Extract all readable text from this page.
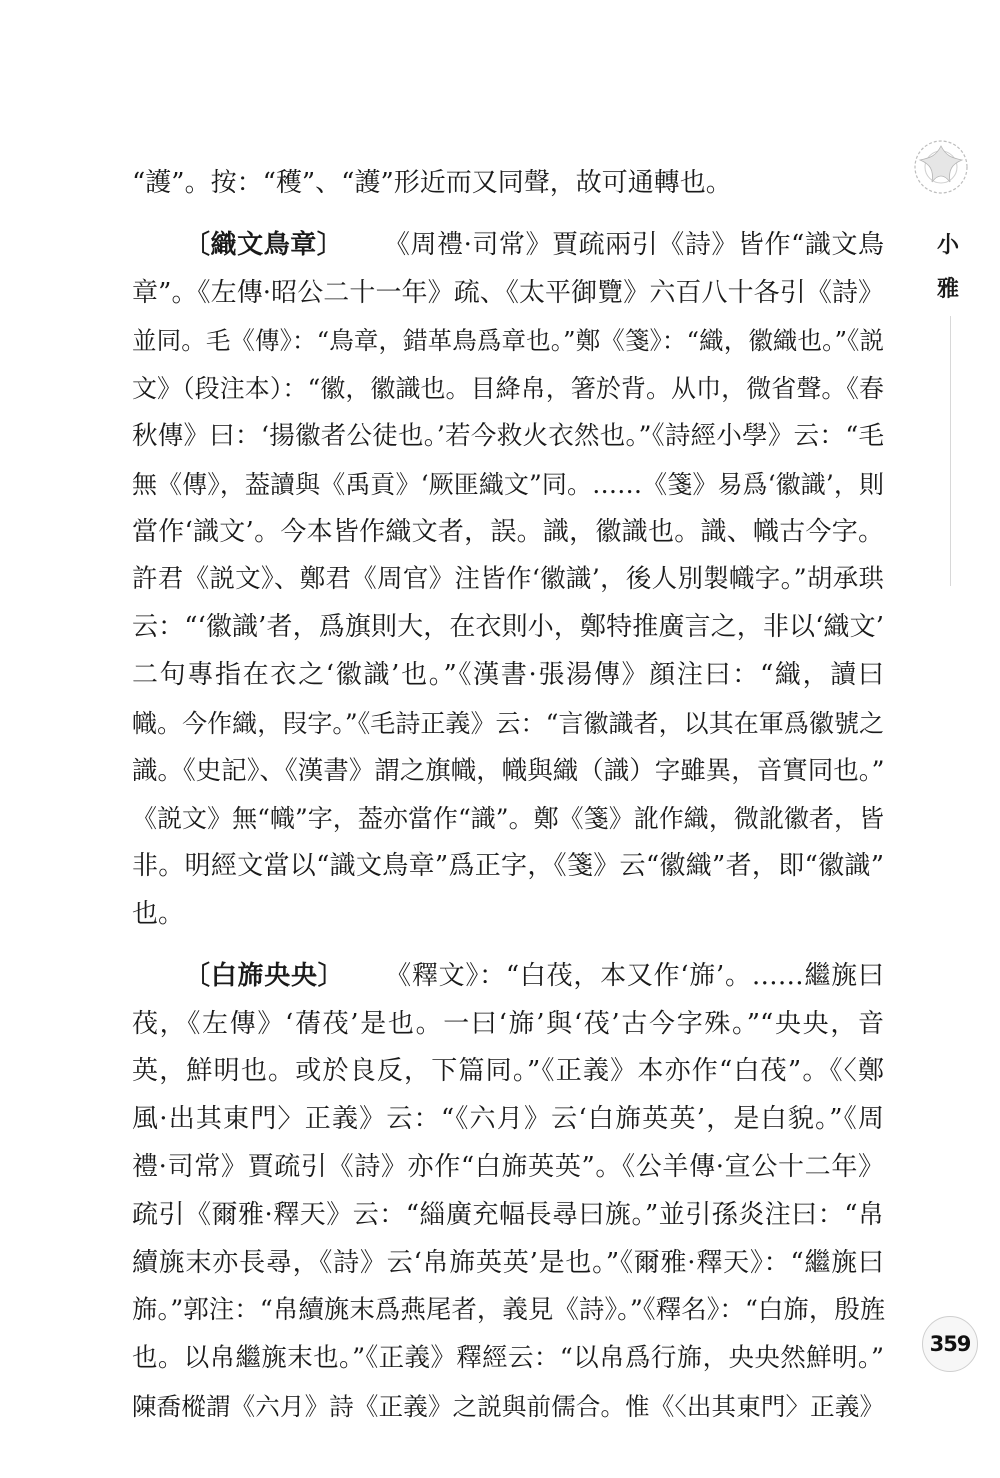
小雅
“護”。按：“穫”、“護”形近而又同聲，故可通轉也。
〔織文鳥章〕 《周禮·司常》賈疏兩引《詩》皆作“識文鳥
章”。《左傳·昭公二十一年》疏、《太平御覽》六百八十各引《詩》
並同。毛《傳》：“鳥章，錯革鳥爲章也。”鄭《箋》：“織，徽織也。”《説
文》（段注本）：“徽，徽識也。目絳帛，箸於背。从巾，微省聲。《春
秋傳》曰：‘揚徽者公徒也。’若今救火衣然也。”《詩經小學》云：“毛
無《傳》，葢讀與《禹貢》‘厥匪織文”同。……《箋》易爲‘徽識’，則
當作‘識文’。今本皆作織文者，誤。識，徽識也。識、幟古今字。
許君《説文》、鄭君《周官》注皆作‘徽識’，後人別製幟字。”胡承珙
云：“‘徽識’者，爲旗則大，在衣則小，鄭特推廣言之，非以‘織文’
二句專指在衣之‘徽識’也。”《漢書·張湯傳》顔注曰：“織，讀曰
幟。今作織，叚字。”《毛詩正義》云：“言徽識者，以其在軍爲徽號之
識。《史記》、《漢書》謂之旗幟，幟與織（識）字雖異，音實同也。”
《説文》無“幟”字，葢亦當作“識”。鄭《箋》訛作織，微訛徽者，皆
非。明經文當以“識文鳥章”爲正字，《箋》云“徽織”者，即“徽識”
也。
〔白旆央央〕 《釋文》：“白茷，本又作‘旆’。……繼旐曰
茷，《左傳》‘蒨茷’是也。一曰‘旆’與‘茷’古今字殊。”“央央，音
英，鮮明也。或於良反，下篇同。”《正義》本亦作“白茷”。《〈鄭
風·出其東門〉正義》云：“《六月》云‘白旆英英’，是白貌。”《周
禮·司常》賈疏引《詩》亦作“白旆英英”。《公羊傳·宣公十二年》
疏引《爾雅·釋天》云：“緇廣充幅長尋曰旐。”並引孫炎注曰：“帛
續旐末亦長尋，《詩》云‘帛旆英英’是也。”《爾雅·釋天》：“繼旐曰
旆。”郭注：“帛續旐末爲燕尾者，義見《詩》。”《釋名》：“白旆，殷旌
也。以帛繼旐末也。”《正義》釋經云：“以帛爲行旆，央央然鮮明。”
陳喬樅謂《六月》詩《正義》之説與前儒合。惟《〈出其東門〉正義》
359
